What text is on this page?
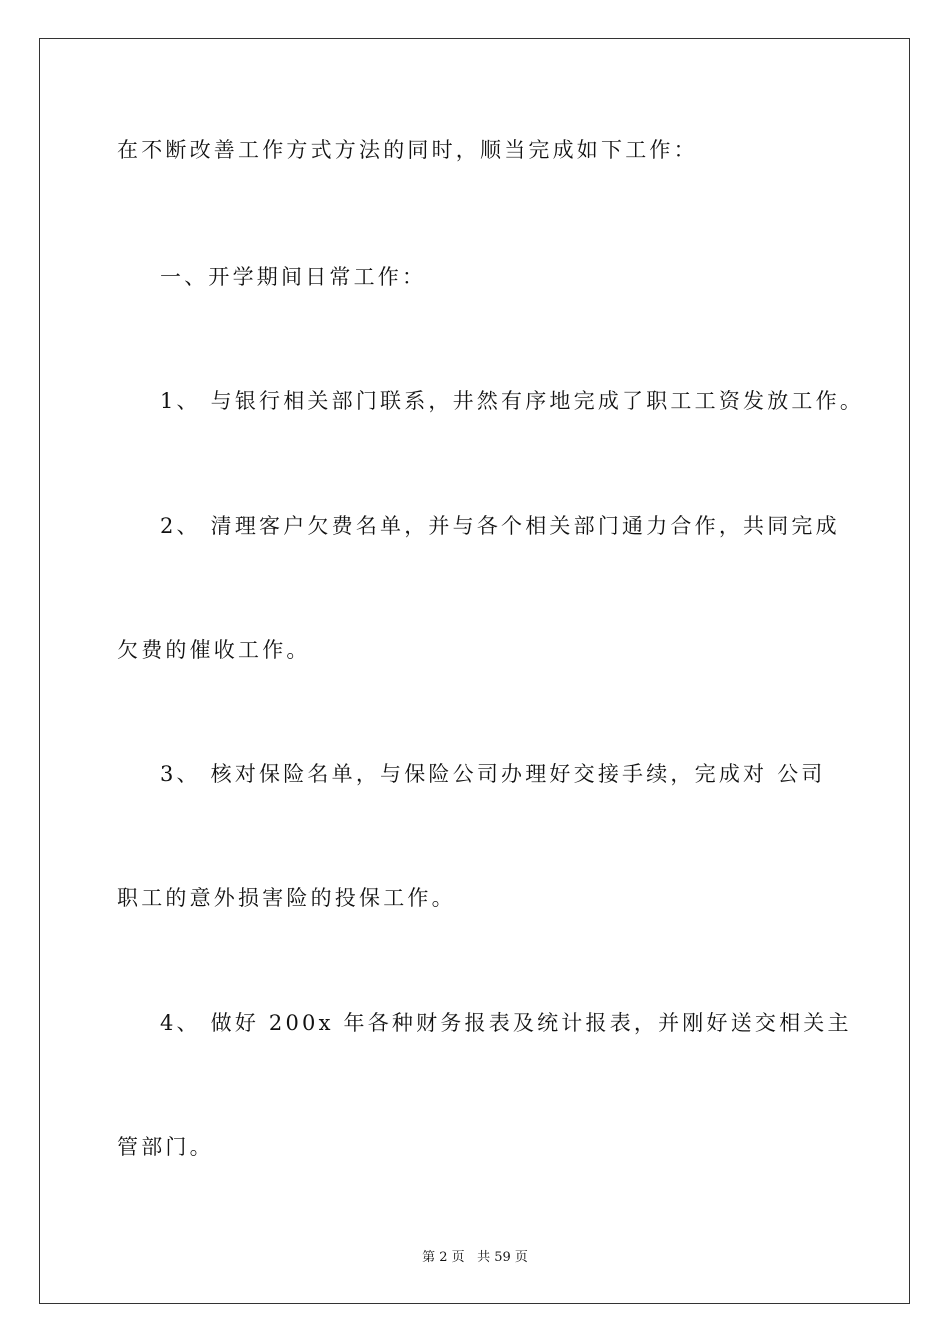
在不断改善工作方式方法的同时，顺当完成如下工作：
一、开学期间日常工作：
1、 与银行相关部门联系，井然有序地完成了职工工资发放工作。
2、 清理客户欠费名单，并与各个相关部门通力合作，共同完成
欠费的催收工作。
3、 核对保险名单，与保险公司办理好交接手续，完成对 公司
职工的意外损害险的投保工作。
4、 做好 200x 年各种财务报表及统计报表，并刚好送交相关主
管部门。
第 2 页 共 59 页
